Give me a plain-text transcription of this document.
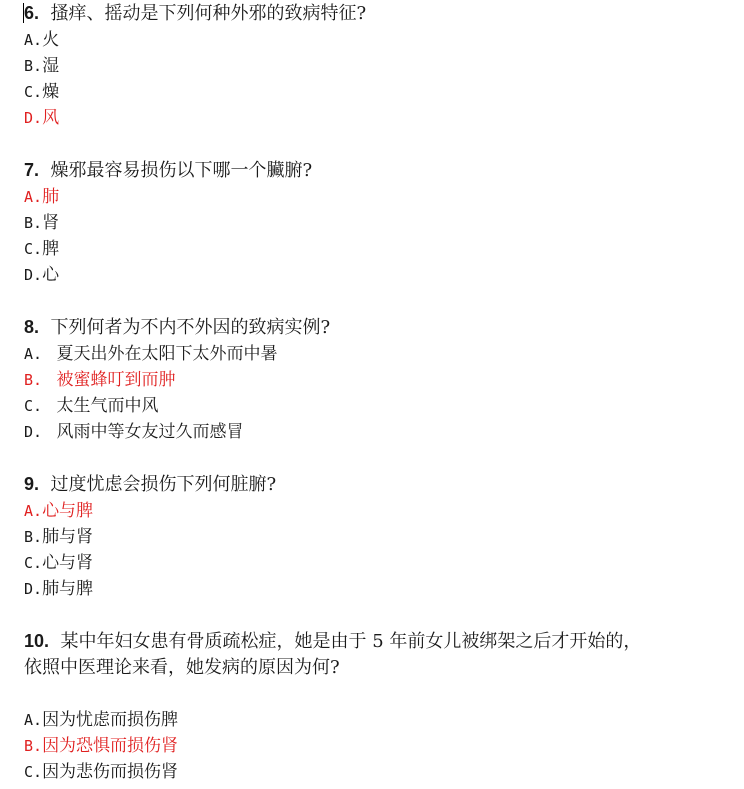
6. 搔痒、摇动是下列何种外邪的致病特征?

A.火

B.湿

C.燥

D.风

7. 燥邪最容易损伤以下哪一个臟腑?

A.肺

B.肾

C.脾

D.心

8. 下列何者为不内不外因的致病实例?

A.  夏天出外在太阳下太外而中暑

B.  被蜜蜂叮到而肿

C.  太生气而中风

D.  风雨中等女友过久而感冒

9. 过度忧虑会损伤下列何脏腑?

A.心与脾

B.肺与肾

C.心与肾

D.肺与脾

10. 某中年妇女患有骨质疏松症，她是由于 5 年前女儿被绑架之后才开始的，

依照中医理论来看，她发病的原因为何?

A.因为忧虑而损伤脾

B.因为恐惧而损伤肾

C.因为悲伤而损伤肾
